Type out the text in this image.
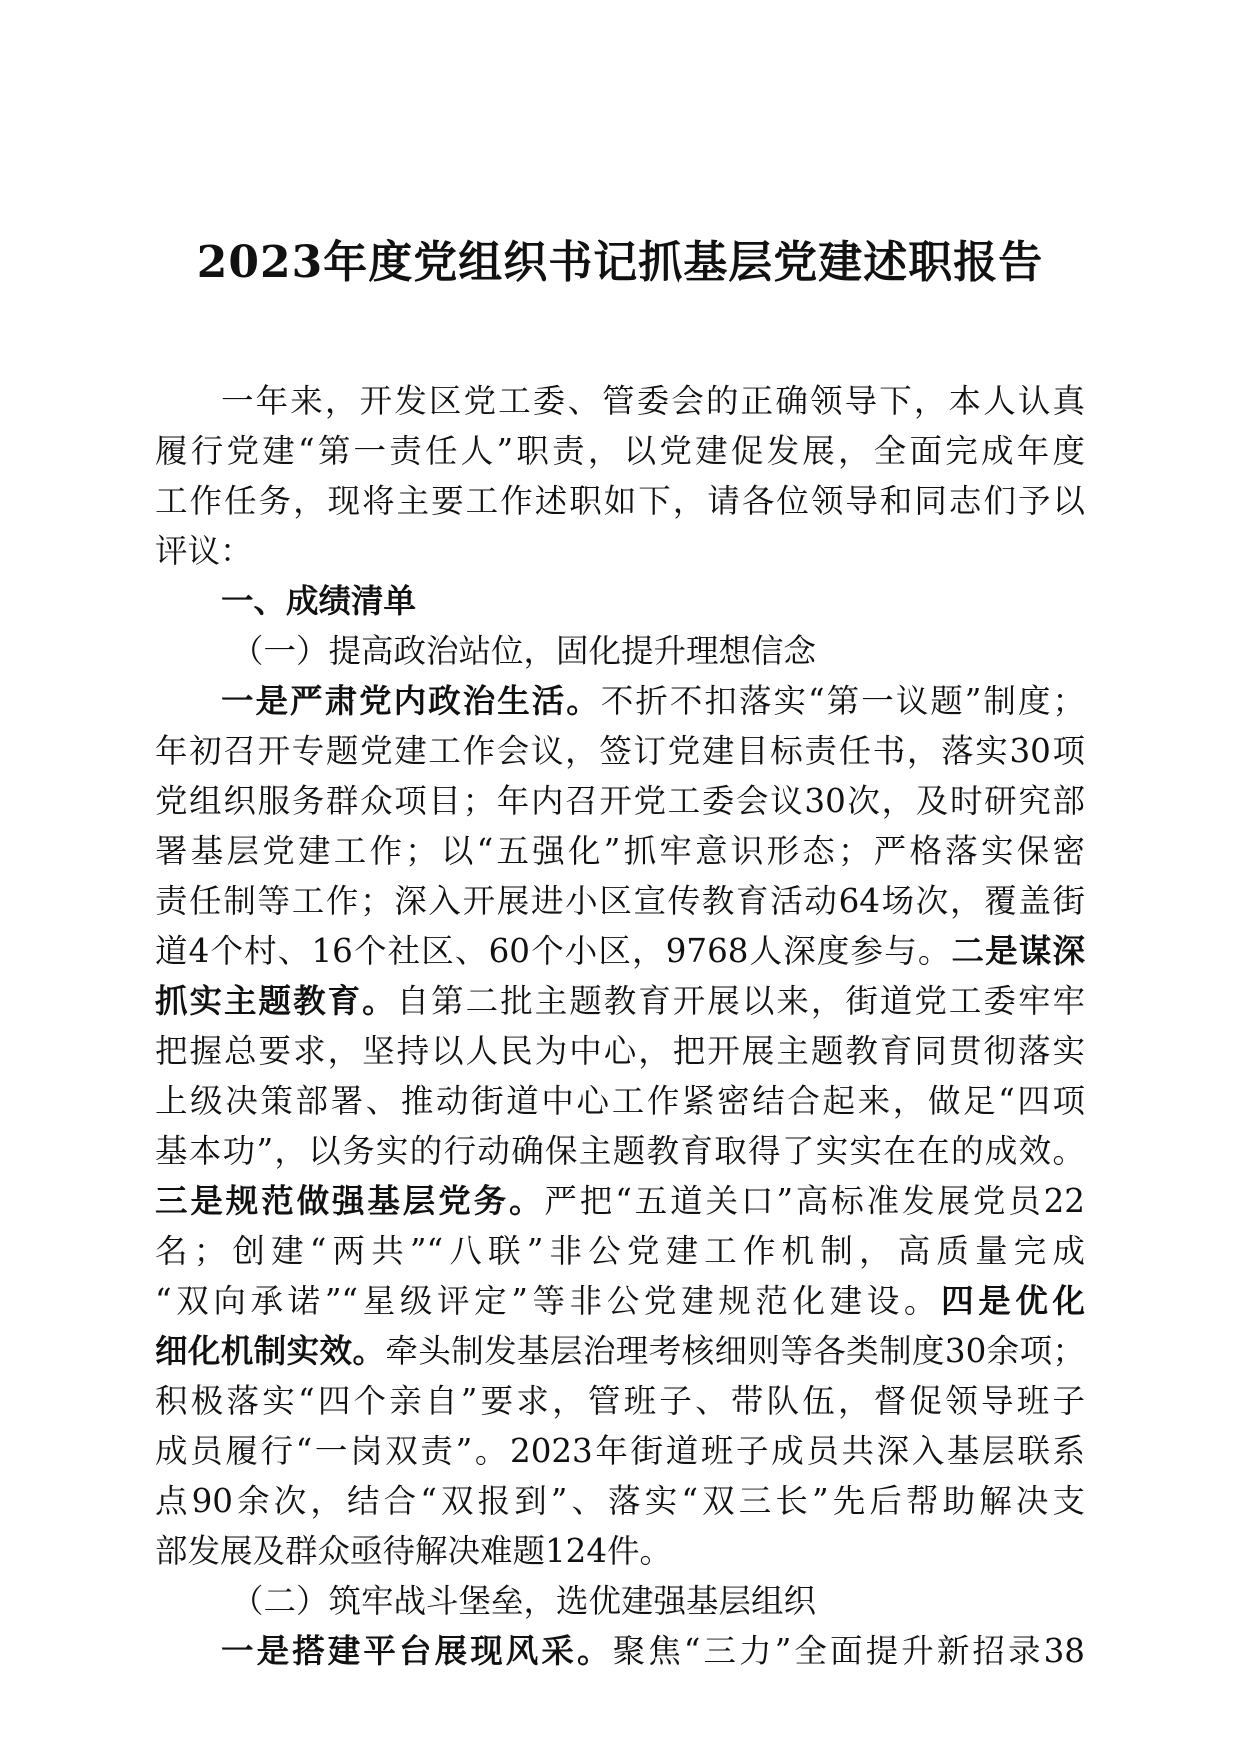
2023年度党组织书记抓基层党建述职报告
一年来，开发区党工委、管委会的正确领导下，本人认真
履行党建“第一责任人”职责，以党建促发展，全面完成年度
工作任务，现将主要工作述职如下，请各位领导和同志们予以
评议：
一、成绩清单
（一）提高政治站位，固化提升理想信念
一是严肃党内政治生活。不折不扣落实“第一议题”制度；
年初召开专题党建工作会议，签订党建目标责任书，落实30项
党组织服务群众项目；年内召开党工委会议30次，及时研究部
署基层党建工作；以“五强化”抓牢意识形态；严格落实保密
责任制等工作；深入开展进小区宣传教育活动64场次，覆盖街
道4个村、16个社区、60个小区，9768人深度参与。二是谋深
抓实主题教育。自第二批主题教育开展以来，街道党工委牢牢
把握总要求，坚持以人民为中心，把开展主题教育同贯彻落实
上级决策部署、推动街道中心工作紧密结合起来，做足“四项
基本功”，以务实的行动确保主题教育取得了实实在在的成效。
三是规范做强基层党务。严把“五道关口”高标准发展党员22
名；创建“两共”“八联”非公党建工作机制，高质量完成
“双向承诺”“星级评定”等非公党建规范化建设。四是优化
细化机制实效。牵头制发基层治理考核细则等各类制度30余项；
积极落实“四个亲自”要求，管班子、带队伍，督促领导班子
成员履行“一岗双责”。2023年街道班子成员共深入基层联系
点90余次，结合“双报到”、落实“双三长”先后帮助解决支
部发展及群众亟待解决难题124件。
（二）筑牢战斗堡垒，选优建强基层组织
一是搭建平台展现风采。聚焦“三力”全面提升新招录38
